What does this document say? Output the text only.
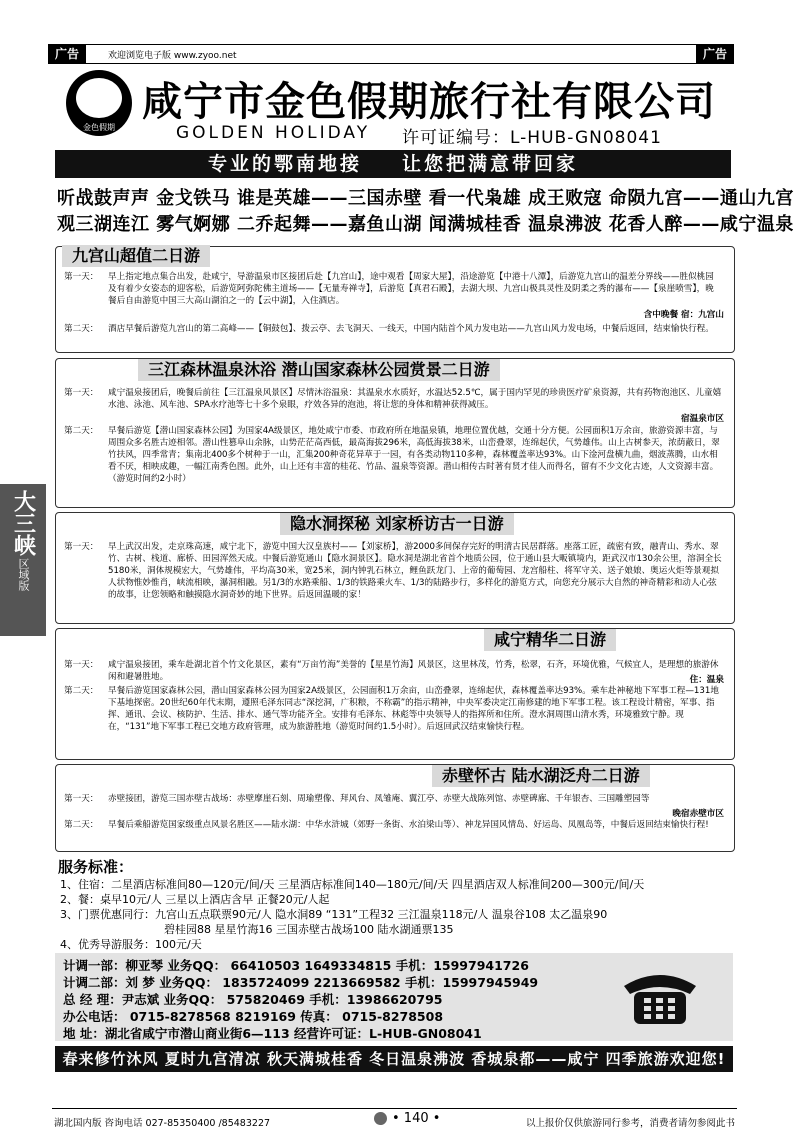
广告	欢迎浏览电子版 www.zyoo.net	广告
金色假期
咸宁市金色假期旅行社有限公司
GOLDEN HOLIDAY 许可证编号：L-HUB-GN08041
专业的鄂南地接 让您把满意带回家
听战鼓声声 金戈铁马 谁是英雄——三国赤壁 看一代枭雄 成王败寇 命陨九宫——通山九宫
观三湖连江 雾气婀娜 二乔起舞——嘉鱼山湖 闻满城桂香 温泉沸波 花香人醉——咸宁温泉
九宫山超值二日游
第一天： 早上指定地点集合出发，赴咸宁，导游温泉市区接团后赴【九宫山】，途中观看【周家大屋】，沿途游览【中港十八潭】，后游览九宫山的温差分界线——胜似桃园及有着少女姿态的迎客松，后游览阿弥陀佛主道场——【无量寿禅寺】，后游览【真君石殿】，去湖大坝、九宫山极具灵性及阴柔之秀的瀑布——【泉崖喷雪】，晚餐后自由游览中国三大高山湖泊之一的【云中湖】，入住酒店。
含中晚餐 宿：九宫山
第二天： 酒店早餐后游览九宫山的第二高峰——【铜鼓包】、拨云亭、去飞洞天、一线天，中国内陆首个风力发电站——九宫山风力发电场，中餐后返回，结束愉快行程。
三江森林温泉沐浴 潜山国家森林公园赏景二日游
第一天： 咸宁温泉接团后，晚餐后前往【三江温泉风景区】尽情沐浴温泉：其温泉水水质好，水温达52.5℃，属于国内罕见的珍贵医疗矿泉资源，共有药物泡池区、儿童嬉水池、泳池、风车池、SPA水疗池等七十多个泉眼，疗效各异的泡池，将让您的身体和精神获得减压。
宿温泉市区
第二天： 早餐后游览【潜山国家森林公园】为国家4A级景区，地处咸宁市委、市政府所在地温泉镇，地理位置优越，交通十分方便。公园面积1万余亩，旅游资源丰富，与周围众多名胜古迹相邻。潜山性篡阜山余脉，山势茫茫高西低，最高海拔296米，高低海拔38米，山峦叠翠，连绵起伏，气势雄伟。山上古树参天，浓荫蔽日，翠竹扶风，四季常青；集南北400多个树种于一山，汇集200种奇花异草于一园，有各类动物110多种，森林覆盖率达93%。山下淦河盘横九曲，烟波蒸腾，山水相看不厌，相映成趣，一幅江南秀色图。此外，山上还有丰富的桂花、竹品、温泉等资源。潜山相传古时著有贤才佳人而得名，留有不少文化古迹，人文资源丰富。（游览时间约2小时）
隐水洞探秘 刘家桥访古一日游
第一天： 早上武汉出发，走京珠高速，咸宁北下，游览中国大汉皇族村——【刘家桥】，游2000多间保存完好的明清古民居群落。座落工匠，疏密有致，融青山、秀水、翠竹、古树、栈道、廊桥、田园浑然天成。中餐后游览通山【隐水洞景区】。隐水洞是湖北省首个地质公园，位于通山县大畈镇境内，距武汉市130余公里，溶洞全长5180米，洞体规模宏大，气势雄伟，平均高30米，宽25米，洞内钟乳石林立，鲤鱼跃龙门、上帝的葡萄园、龙宫船柱、将军守关、送子娘娘、奥运火炬等景观拟人状物惟妙惟肖，峡流相映，瀑洞相融。另1/3的水路乘船、1/3的铁路乘火车、1/3的陆路步行，多样化的游览方式，向您充分展示大自然的神奇精彩和动人心弦的故事，让您领略和触摸隐水洞奇妙的地下世界。后返回温暖的家！
咸宁精华二日游
第一天： 咸宁温泉接团，乘车赴湖北首个竹文化景区，素有“万亩竹海”美誉的【星星竹海】风景区，这里林茂，竹秀，松翠，石齐，环境优雅，气候宜人，是理想的旅游休闲和避暑胜地。	住：温泉
第二天： 早餐后游览国家森林公园，潜山国家森林公园为国家2A级景区，公园面积1万余亩，山峦叠翠，连绵起伏，森林覆盖率达93%。乘车赴神秘地下军事工程—131地下基地探密。20世纪60年代末期，遵照毛泽东同志“深挖洞，广积粮，不称霸”的指示精神，中央军委决定江南修建的地下军事工程。该工程设计精密，军事、指挥、通讯、会议、核防护、生活、排水、通气等功能齐全。安排有毛泽东、林彪等中央领导人的指挥所和住所。澄水洞周围山清水秀，环境雅致宁静。现在，“131”地下军事工程已交地方政府管理，成为旅游胜地（游览时间约1.5小时）。后返回武汉结束愉快行程。
赤壁怀古 陆水湖泛舟二日游
第一天： 赤壁接团，游览三国赤壁古战场：赤壁摩崖石刻、周瑜塑像、拜风台、凤雏庵、翼江亭、赤壁大战陈列馆、赤壁碑廊、千年银杏、三国雕塑园等
晚宿赤壁市区
第二天： 早餐后乘船游览国家级重点风景名胜区——陆水湖：中华水浒城（郊野一条街、水泊梁山等）、神龙异国风情岛、好运岛、凤凰岛等，中餐后返回结束愉快行程!
大三峡
区域版
服务标准：
1、住宿：二星酒店标准间80—120元/间/天 三星酒店标准间140—180元/间/天 四星酒店双人标准间200—300元/间/天
2、餐：桌早10元/人 三星以上酒店含早 正餐20元/人起
3、门票优惠同行：九宫山五点联票90元/人 隐水洞89 “131”工程32 三江温泉118元/人 温泉谷108 太乙温泉90
碧桂园88 星星竹海16 三国赤壁古战场100 陆水湖通票135
4、优秀导游服务：100元/天
计调一部：柳亚琴 业务QQ： 66410503 1649334815 手机：15997941726
计调二部：刘 梦 业务QQ： 1835724099 2213669582 手机：15997945949
总 经 理：尹志斌 业务QQ： 575820469 手机：13986620795
办公电话： 0715-8278568 8219169 传真： 0715-8278508
地 址：湖北省咸宁市潜山商业街6—113 经营许可证：L-HUB-GN08041
春来修竹沐风 夏时九宫清凉 秋天满城桂香 冬日温泉沸波 香城泉都——咸宁 四季旅游欢迎您!
湖北国内版 咨询电话 027-85350400 /85483227	• 140 •	以上报价仅供旅游同行参考，消费者请勿参阅此书
